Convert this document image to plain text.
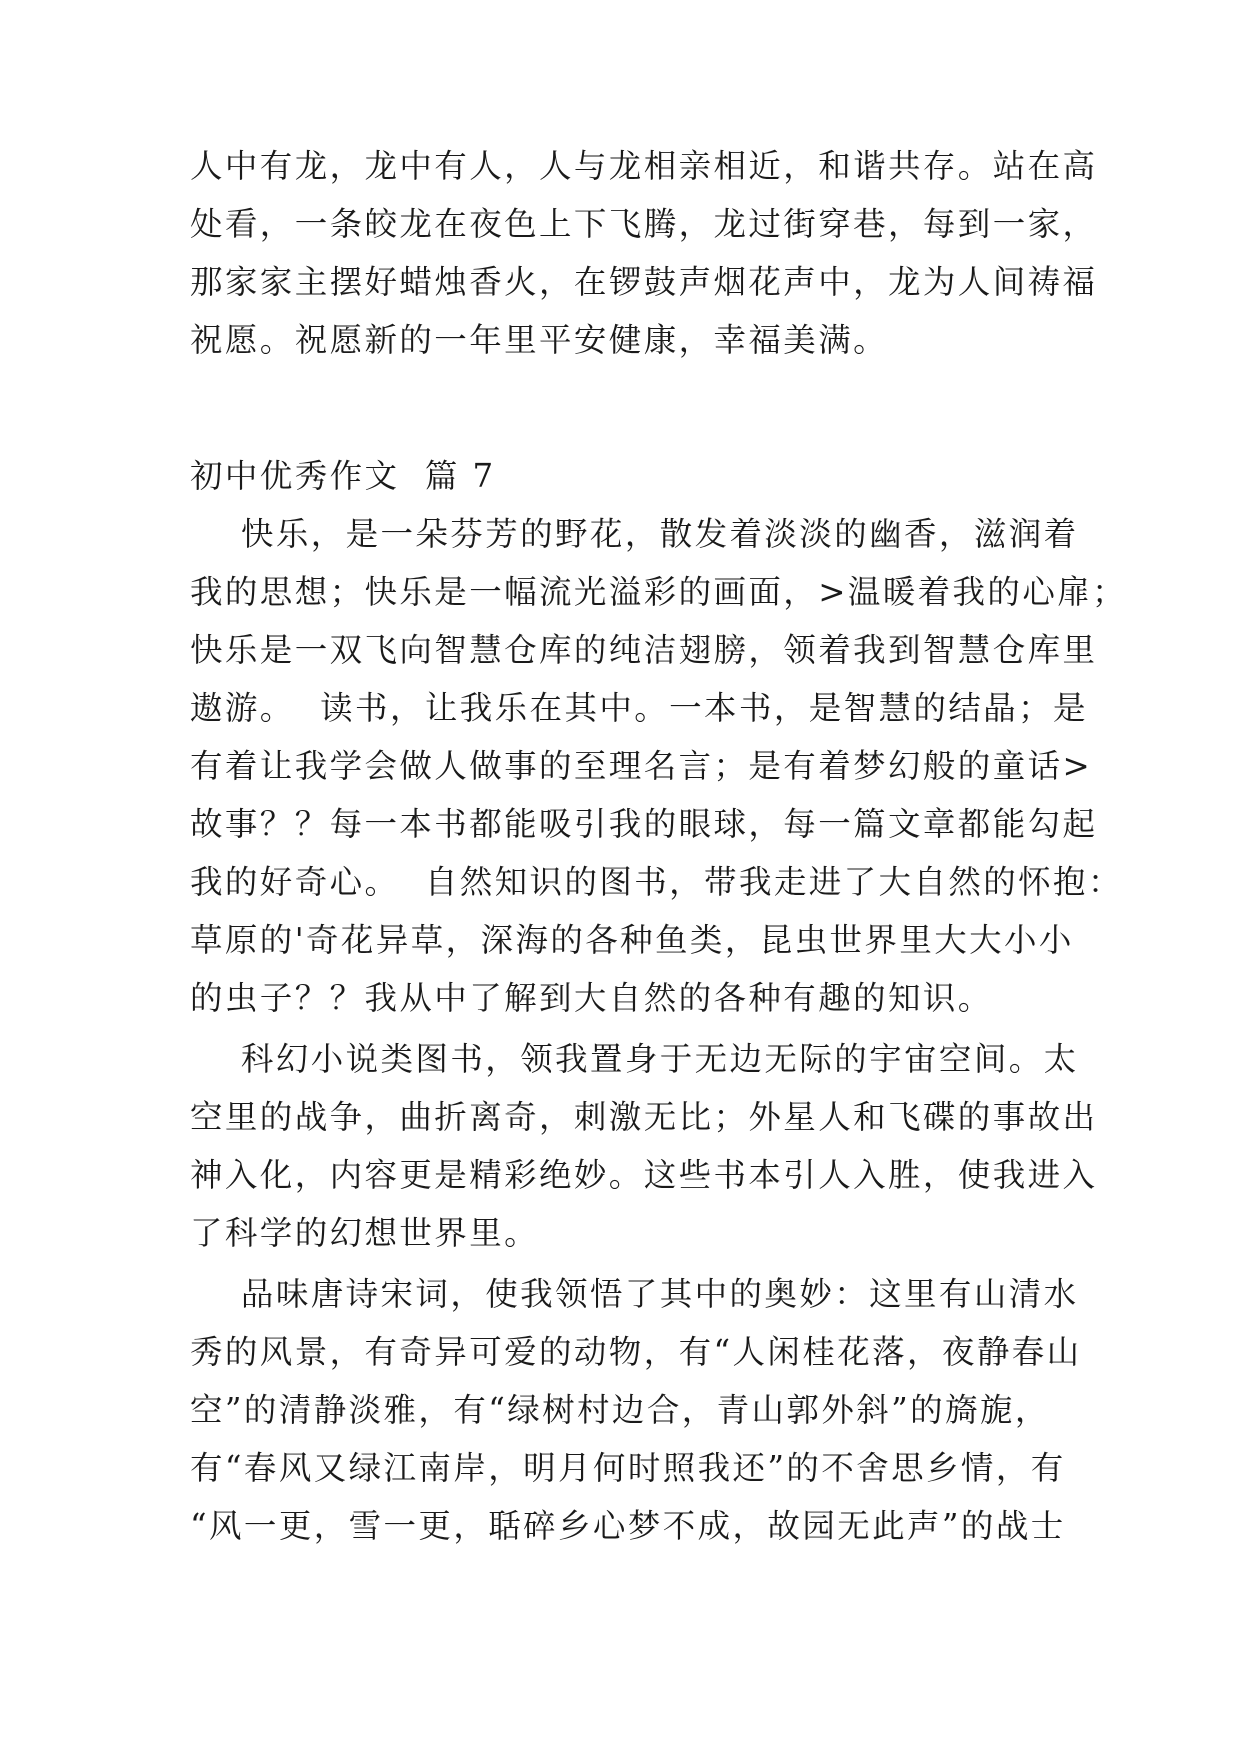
人中有龙，龙中有人，人与龙相亲相近，和谐共存。站在高
处看，一条皎龙在夜色上下飞腾，龙过街穿巷，每到一家，
那家家主摆好蜡烛香火，在锣鼓声烟花声中，龙为人间祷福
祝愿。祝愿新的一年里平安健康，幸福美满。
初中优秀作文  篇 7
快乐，是一朵芬芳的野花，散发着淡淡的幽香，滋润着
我的思想；快乐是一幅流光溢彩的画面，>温暖着我的心扉；
快乐是一双飞向智慧仓库的纯洁翅膀，领着我到智慧仓库里
遨游。  读书，让我乐在其中。一本书，是智慧的结晶；是
有着让我学会做人做事的至理名言；是有着梦幻般的童话>
故事？？每一本书都能吸引我的眼球，每一篇文章都能勾起
我的好奇心。  自然知识的图书，带我走进了大自然的怀抱：
草原的'奇花异草，深海的各种鱼类，昆虫世界里大大小小
的虫子？？我从中了解到大自然的各种有趣的知识。
科幻小说类图书，领我置身于无边无际的宇宙空间。太
空里的战争，曲折离奇，刺激无比；外星人和飞碟的事故出
神入化，内容更是精彩绝妙。这些书本引人入胜，使我进入
了科学的幻想世界里。
品味唐诗宋词，使我领悟了其中的奥妙：这里有山清水
秀的风景，有奇异可爱的动物，有“人闲桂花落，夜静春山
空”的清静淡雅，有“绿树村边合，青山郭外斜”的旖旎，
有“春风又绿江南岸，明月何时照我还”的不舍思乡情，有
“风一更，雪一更，聒碎乡心梦不成，故园无此声”的战士
